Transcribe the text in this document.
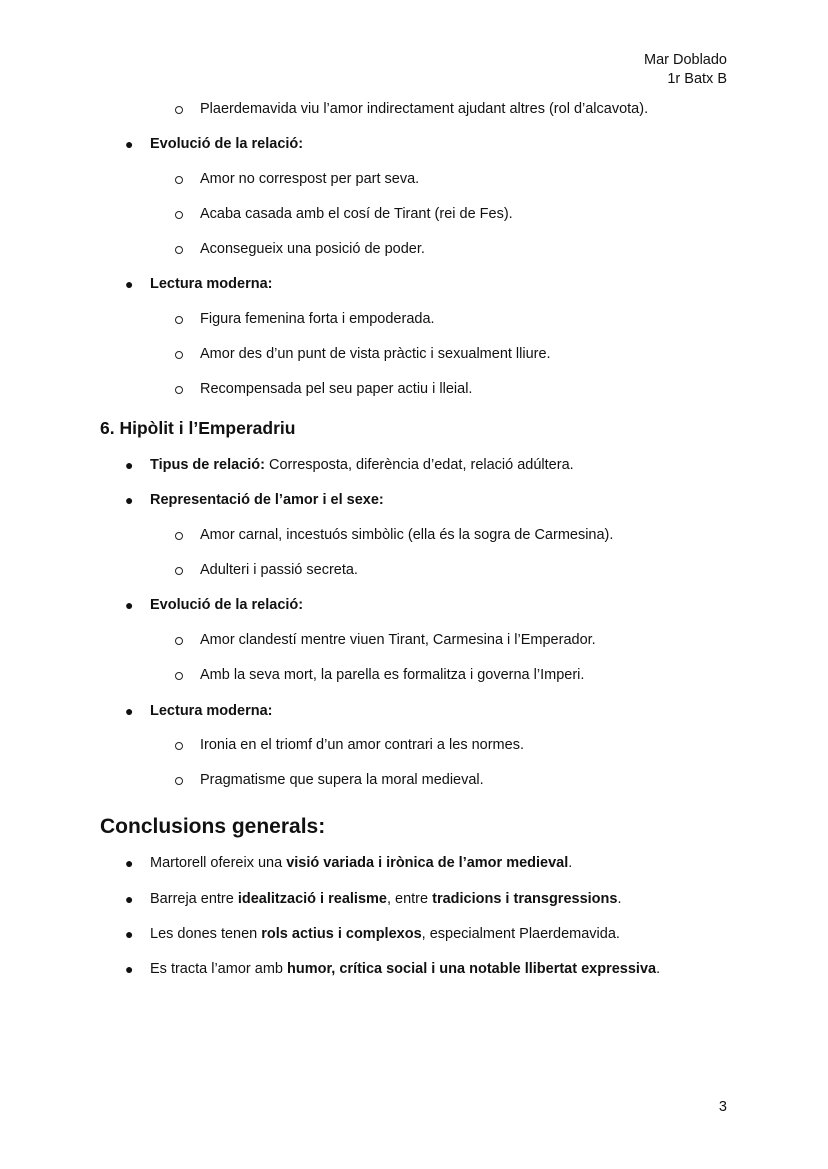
Mar Doblado
1r Batx B
Plaerdemavida viu l’amor indirectament ajudant altres (rol d’alcavota).
● Evolució de la relació:
Amor no correspost per part seva.
Acaba casada amb el cosí de Tirant (rei de Fes).
Aconsegueix una posició de poder.
● Lectura moderna:
Figura femenina forta i empoderada.
Amor des d’un punt de vista pràctic i sexualment lliure.
Recompensada pel seu paper actiu i lleial.
6. Hipòlit i l’Emperadriu
● Tipus de relació: Corresposta, diferència d’edat, relació adúltera.
● Representació de l’amor i el sexe:
Amor carnal, incestuós simbòlic (ella és la sogra de Carmesina).
Adulteri i passió secreta.
● Evolució de la relació:
Amor clandestí mentre viuen Tirant, Carmesina i l’Emperador.
Amb la seva mort, la parella es formalitza i governa l’Imperi.
● Lectura moderna:
Ironia en el triomf d’un amor contrari a les normes.
Pragmatisme que supera la moral medieval.
Conclusions generals:
● Martorell ofereix una visió variada i irònica de l’amor medieval.
● Barreja entre idealització i realisme, entre tradicions i transgressions.
● Les dones tenen rols actius i complexos, especialment Plaerdemavida.
● Es tracta l’amor amb humor, crítica social i una notable llibertat expressiva.
3
